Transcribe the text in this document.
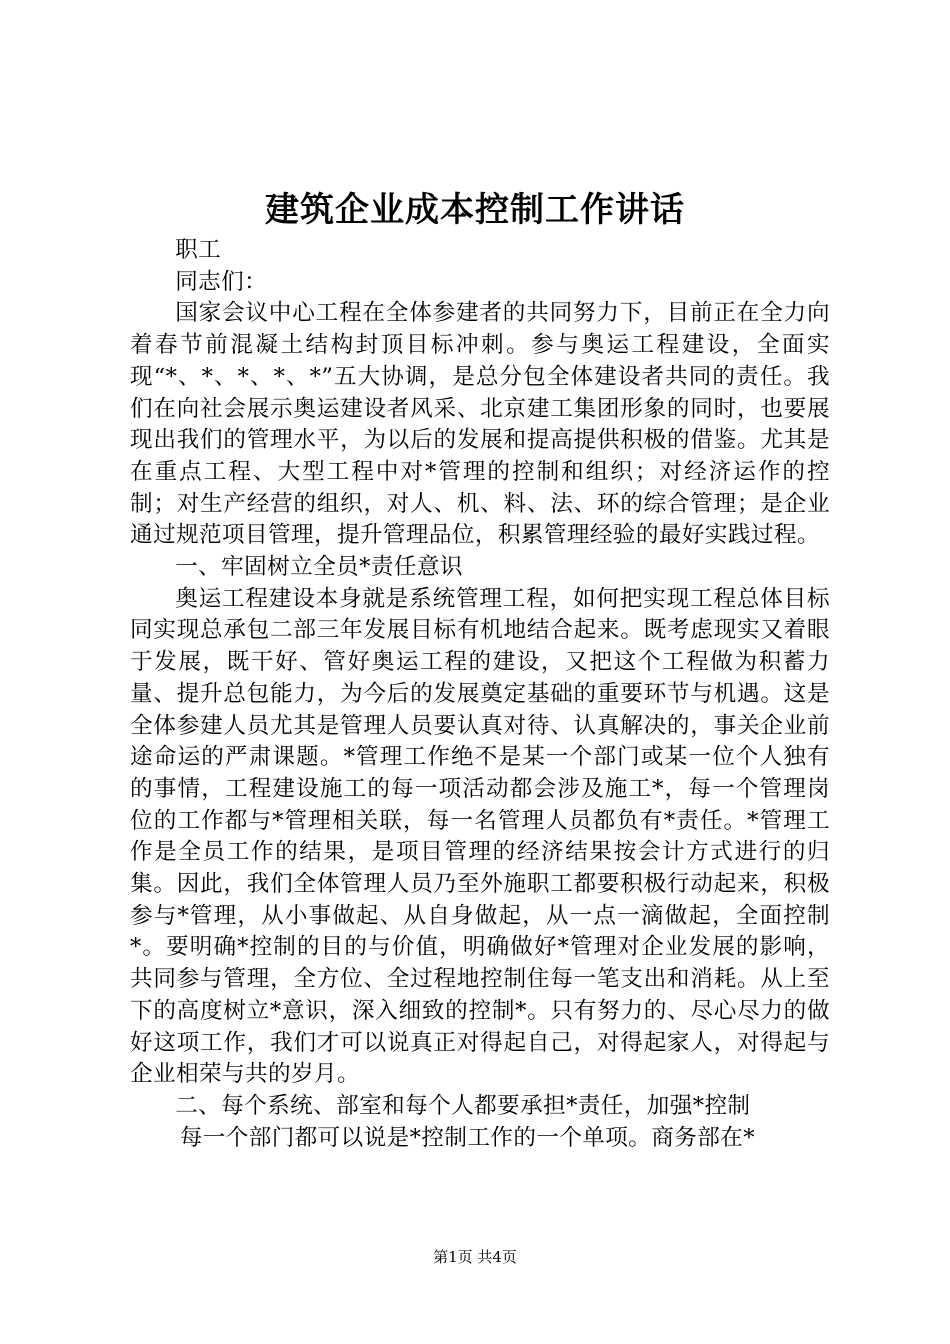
建筑企业成本控制工作讲话

职工

同志们：

国家会议中心工程在全体参建者的共同努力下，目前正在全力向着春节前混凝土结构封顶目标冲刺。参与奥运工程建设，全面实现“*、*、*、*、*”五大协调，是总分包全体建设者共同的责任。我们在向社会展示奥运建设者风采、北京建工集团形象的同时，也要展现出我们的管理水平，为以后的发展和提高提供积极的借鉴。尤其是在重点工程、大型工程中对*管理的控制和组织；对经济运作的控制；对生产经营的组织，对人、机、料、法、环的综合管理；是企业通过规范项目管理，提升管理品位，积累管理经验的最好实践过程。

一、牢固树立全员*责任意识

奥运工程建设本身就是系统管理工程，如何把实现工程总体目标同实现总承包二部三年发展目标有机地结合起来。既考虑现实又着眼于发展，既干好、管好奥运工程的建设，又把这个工程做为积蓄力量、提升总包能力，为今后的发展奠定基础的重要环节与机遇。这是全体参建人员尤其是管理人员要认真对待、认真解决的，事关企业前途命运的严肃课题。*管理工作绝不是某一个部门或某一位个人独有的事情，工程建设施工的每一项活动都会涉及施工*，每一个管理岗位的工作都与*管理相关联，每一名管理人员都负有*责任。*管理工作是全员工作的结果，是项目管理的经济结果按会计方式进行的归集。因此，我们全体管理人员乃至外施职工都要积极行动起来，积极参与*管理，从小事做起、从自身做起，从一点一滴做起，全面控制*。要明确*控制的目的与价值，明确做好*管理对企业发展的影响，共同参与管理，全方位、全过程地控制住每一笔支出和消耗。从上至下的高度树立*意识，深入细致的控制*。只有努力的、尽心尽力的做好这项工作，我们才可以说真正对得起自己，对得起家人，对得起与企业相荣与共的岁月。

二、每个系统、部室和每个人都要承担*责任，加强*控制

每一个部门都可以说是*控制工作的一个单项。商务部在*

第1页 共4页
